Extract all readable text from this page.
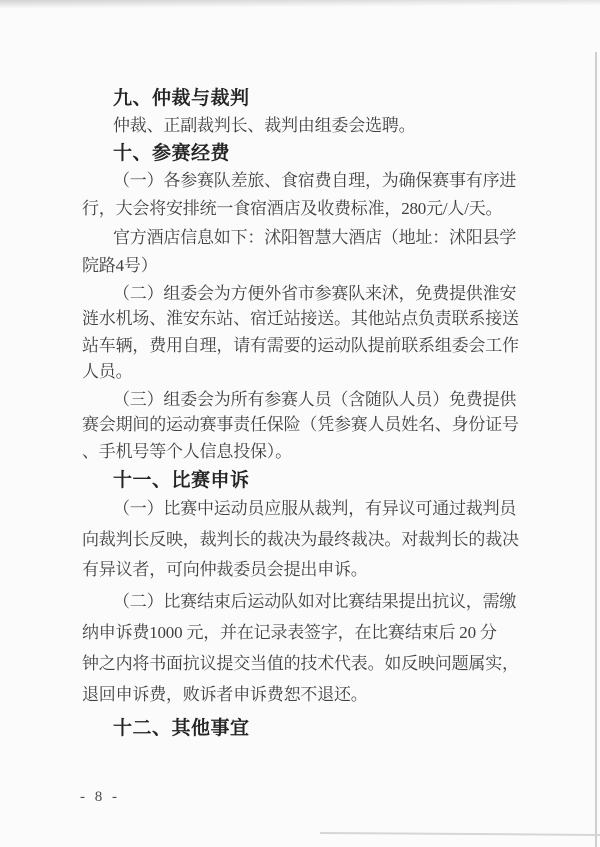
九、仲裁与裁判
仲裁、正副裁判长、裁判由组委会选聘。
十、参赛经费
（一）各参赛队差旅、食宿费自理，为确保赛事有序进
行，大会将安排统一食宿酒店及收费标准，280元/人/天。
官方酒店信息如下：沭阳智慧大酒店（地址：沭阳县学
院路4号）
（二）组委会为方便外省市参赛队来沭，免费提供淮安
涟水机场、淮安东站、宿迁站接送。其他站点负责联系接送
站车辆，费用自理，请有需要的运动队提前联系组委会工作
人员。
（三）组委会为所有参赛人员（含随队人员）免费提供
赛会期间的运动赛事责任保险（凭参赛人员姓名、身份证号
、手机号等个人信息投保）。
十一、比赛申诉
（一）比赛中运动员应服从裁判，有异议可通过裁判员
向裁判长反映，裁判长的裁决为最终裁决。对裁判长的裁决
有异议者，可向仲裁委员会提出申诉。
（二）比赛结束后运动队如对比赛结果提出抗议，需缴
纳申诉费1000 元，并在记录表签字，在比赛结束后 20 分
钟之内将书面抗议提交当值的技术代表。如反映问题属实，
退回申诉费，败诉者申诉费恕不退还。
十二、其他事宜
- 8 -
